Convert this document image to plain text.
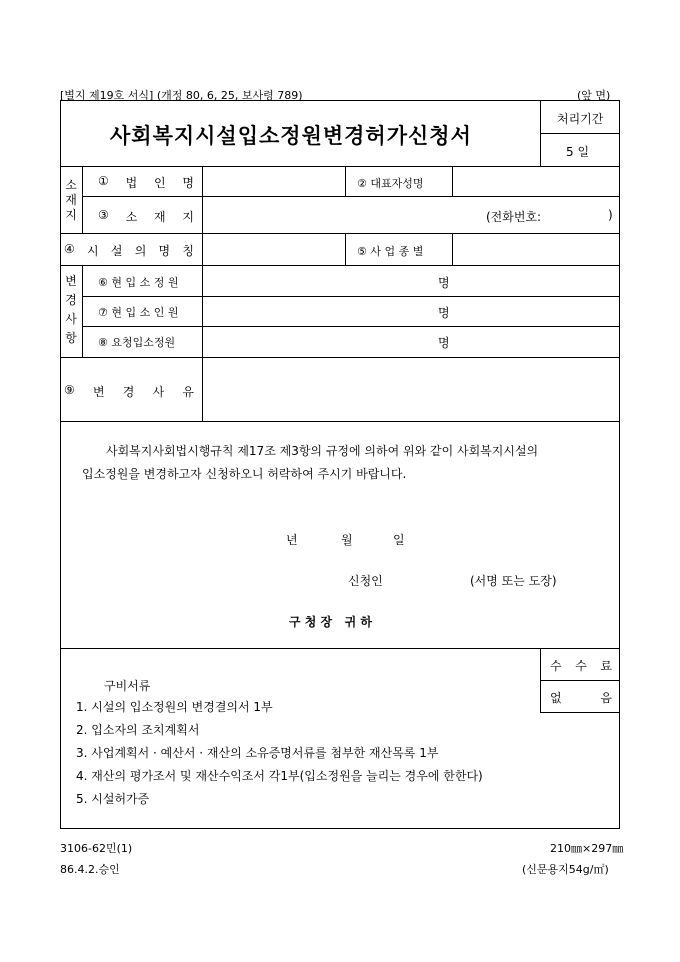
[별지 제19호 서식] (개정 80, 6, 25, 보사령 789)	(앞 면)
사회복지시설입소정원변경허가신청서
처리기간
5 일
소
재
지
① 법 인 명	② 대표자성명
③ 소 재 지	(전화번호:	)
④ 시 설 의 명 칭	⑤ 사 업 종 별
변
경
사
항
⑥ 현 입 소 정 원	명
⑦ 현 입 소 인 원	명
⑧ 요청입소정원	명
⑨ 변 경 사 유
사회복지사회법시행규칙 제17조 제3항의 규정에 의하여 위와 같이 사회복지시설의
입소정원을 변경하고자 신청하오니 허락하여 주시기 바랍니다.
년	월	일
신청인	(서명 또는 도장)
구 청 장   귀 하
수 수 료
없	음
구비서류
1. 시설의 입소정원의 변경결의서 1부
2. 입소자의 조치계획서
3. 사업계획서 · 예산서 · 재산의 소유증명서류를 첨부한 재산목록 1부
4. 재산의 평가조서 및 재산수익조서 각1부(입소정원을 늘리는 경우에 한한다)
5. 시설허가증
3106-62민(1)
86.4.2.승인
210㎜×297㎜
(신문용지54g/㎡)
